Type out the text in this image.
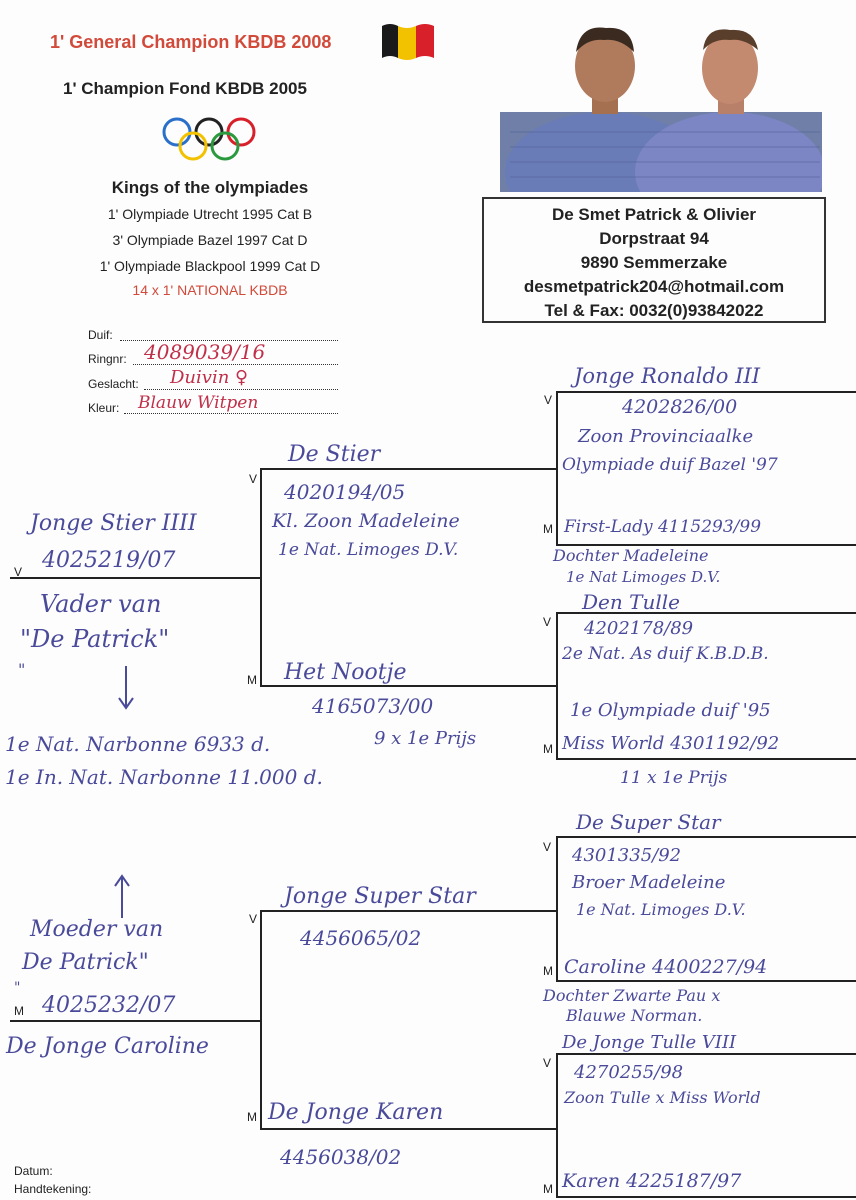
1' General Champion KBDB 2008
1' Champion Fond KBDB 2005
Kings of the olympiades
1' Olympiade Utrecht 1995 Cat B
3' Olympiade Bazel 1997 Cat D
1' Olympiade Blackpool 1999 Cat D
14 x 1' NATIONAL KBDB
De Smet Patrick & Olivier
Dorpstraat 94
9890 Semmerzake
desmetpatrick204@hotmail.com
Tel & Fax: 0032(0)93842022
Duif:
Ringnr: 4089039/16
Geslacht: Duivin ♀
Kleur: Blauw Witpen
Jonge Stier IIII
V 4025219/07
Vader van
"De Patrick"
"
1e Nat. Narbonne 6933 d.
1e In. Nat. Narbonne 11.000 d.
Moeder van
De Patrick"
"
M 4025232/07
De Jonge Caroline
V
De Stier
4020194/05
Kl. Zoon Madeleine
1e Nat. Limoges D.V.
M Het Nootje
4165073/00
9 x 1e Prijs
V
Jonge Super Star
4456065/02
M De Jonge Karen
4456038/02
V
Jonge Ronaldo III
4202826/00
Zoon Provinciaalke
Olympiade duif Bazel '97
M First-Lady 4115293/99
Dochter Madeleine
1e Nat Limoges D.V.
V
Den Tulle
4202178/89
2e Nat. As duif K.B.D.B.
1e Olympiade duif '95
M Miss World 4301192/92
11 x 1e Prijs
V
De Super Star
4301335/92
Broer Madeleine
1e Nat. Limoges D.V.
M Caroline 4400227/94
Dochter Zwarte Pau x
Blauwe Norman.
V
De Jonge Tulle VIII
4270255/98
Zoon Tulle x Miss World
M Karen 4225187/97
Datum:
Handtekening:
